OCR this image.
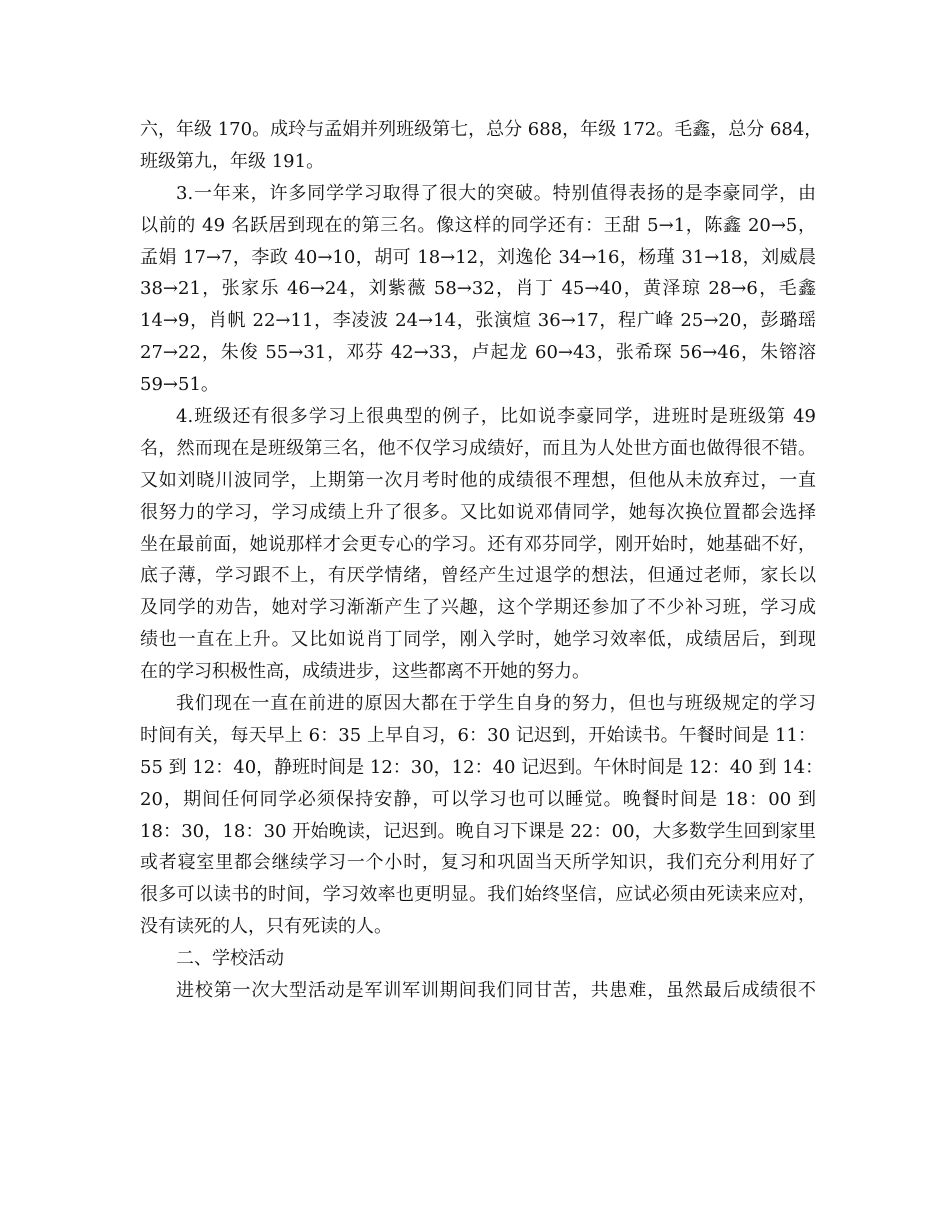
六，年级 170。成玲与孟娟并列班级第七，总分 688，年级 172。毛鑫，总分 684，
班级第九，年级 191。
3.一年来，许多同学学习取得了很大的突破。特别值得表扬的是李豪同学，由
以前的 49 名跃居到现在的第三名。像这样的同学还有：王甜 5→1，陈鑫 20→5，
孟娟 17→7，李政 40→10，胡可 18→12，刘逸伦 34→16，杨瑾 31→18，刘威晨
38→21，张家乐 46→24，刘紫薇 58→32，肖丁 45→40，黄泽琼 28→6，毛鑫
14→9，肖帆 22→11，李凌波 24→14，张演煊 36→17，程广峰 25→20，彭璐瑶
27→22，朱俊 55→31，邓芬 42→33，卢起龙 60→43，张希琛 56→46，朱镕溶
59→51。
4.班级还有很多学习上很典型的例子，比如说李豪同学，进班时是班级第 49
名，然而现在是班级第三名，他不仅学习成绩好，而且为人处世方面也做得很不错。
又如刘晓川波同学，上期第一次月考时他的成绩很不理想，但他从未放弃过，一直
很努力的学习，学习成绩上升了很多。又比如说邓倩同学，她每次换位置都会选择
坐在最前面，她说那样才会更专心的学习。还有邓芬同学，刚开始时，她基础不好，
底子薄，学习跟不上，有厌学情绪，曾经产生过退学的想法，但通过老师，家长以
及同学的劝告，她对学习渐渐产生了兴趣，这个学期还参加了不少补习班，学习成
绩也一直在上升。又比如说肖丁同学，刚入学时，她学习效率低，成绩居后，到现
在的学习积极性高，成绩进步，这些都离不开她的努力。
我们现在一直在前进的原因大都在于学生自身的努力，但也与班级规定的学习
时间有关，每天早上 6：35 上早自习，6：30 记迟到，开始读书。午餐时间是 11：
55 到 12：40，静班时间是 12：30，12：40 记迟到。午休时间是 12：40 到 14：
20，期间任何同学必须保持安静，可以学习也可以睡觉。晚餐时间是 18：00 到
18：30，18：30 开始晚读，记迟到。晚自习下课是 22：00，大多数学生回到家里
或者寝室里都会继续学习一个小时，复习和巩固当天所学知识，我们充分利用好了
很多可以读书的时间，学习效率也更明显。我们始终坚信，应试必须由死读来应对，
没有读死的人，只有死读的人。
二、学校活动
进校第一次大型活动是军训军训期间我们同甘苦，共患难，虽然最后成绩很不
